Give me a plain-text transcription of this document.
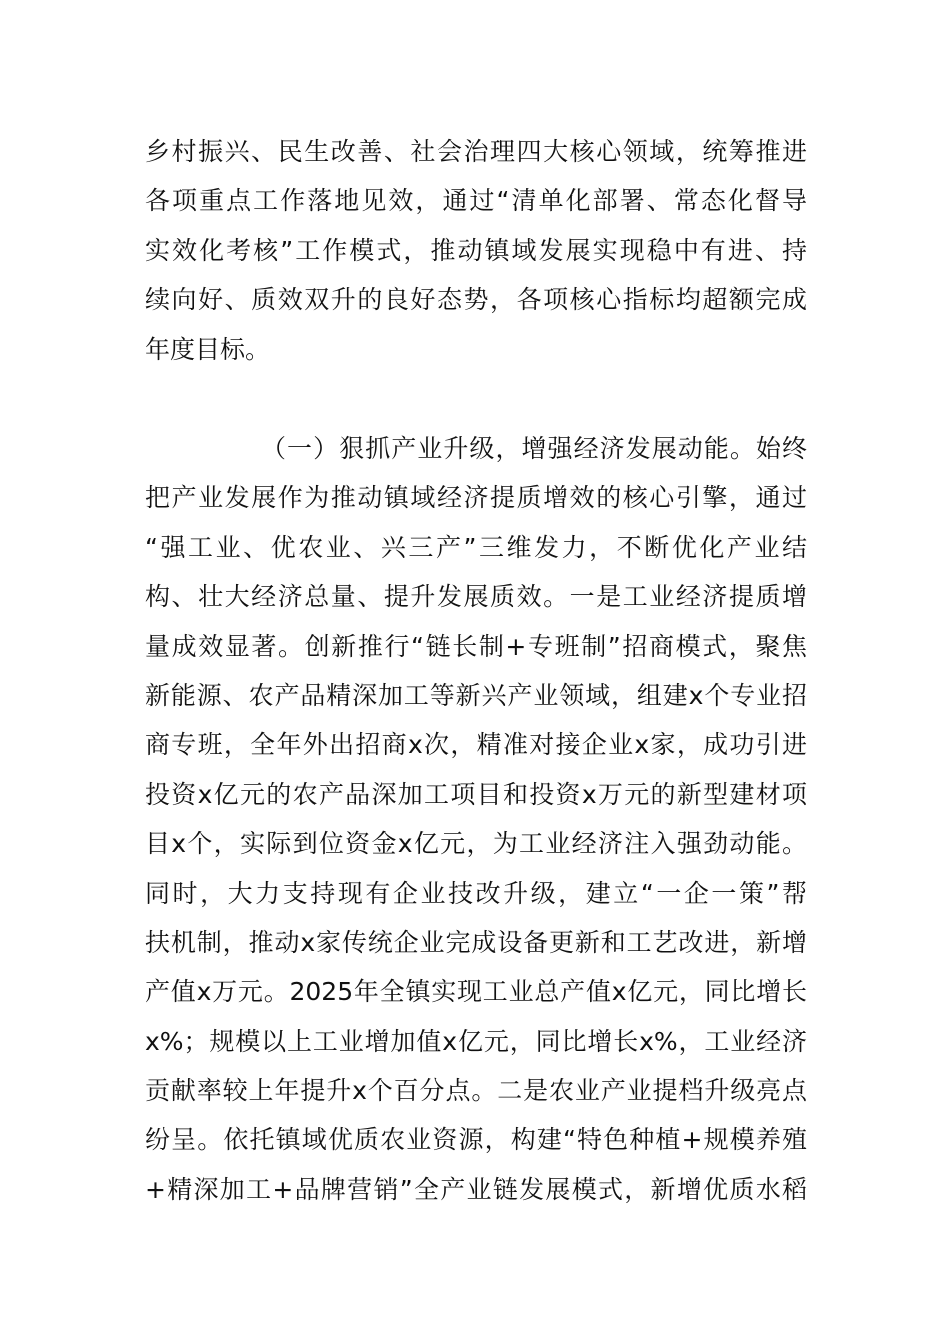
乡村振兴、民生改善、社会治理四大核心领域，统筹推进
各项重点工作落地见效，通过“清单化部署、常态化督导
实效化考核”工作模式，推动镇域发展实现稳中有进、持
续向好、质效双升的良好态势，各项核心指标均超额完成
年度目标。
（一）狠抓产业升级，增强经济发展动能。始终
把产业发展作为推动镇域经济提质增效的核心引擎，通过
“强工业、优农业、兴三产”三维发力，不断优化产业结
构、壮大经济总量、提升发展质效。一是工业经济提质增
量成效显著。创新推行“链长制+专班制”招商模式，聚焦
新能源、农产品精深加工等新兴产业领域，组建x个专业招
商专班，全年外出招商x次，精准对接企业x家，成功引进
投资x亿元的农产品深加工项目和投资x万元的新型建材项
目x个，实际到位资金x亿元，为工业经济注入强劲动能。
同时，大力支持现有企业技改升级，建立“一企一策”帮
扶机制，推动x家传统企业完成设备更新和工艺改进，新增
产值x万元。2025年全镇实现工业总产值x亿元，同比增长
x%；规模以上工业增加值x亿元，同比增长x%，工业经济
贡献率较上年提升x个百分点。二是农业产业提档升级亮点
纷呈。依托镇域优质农业资源，构建“特色种植+规模养殖
+精深加工+品牌营销”全产业链发展模式，新增优质水稻
